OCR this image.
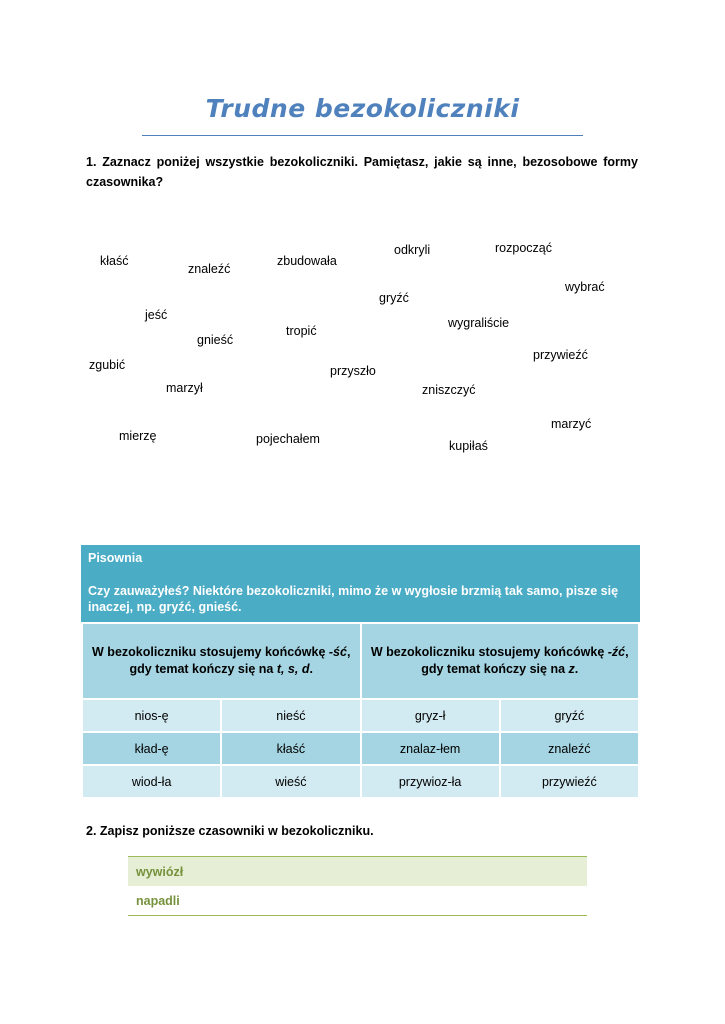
Trudne bezokoliczniki
1. Zaznacz poniżej wszystkie bezokoliczniki. Pamiętasz, jakie są inne, bezosobowe formy czasownika?
kłaść
znaleźć
zbudowała
odkryli	rozpocząć
wybrać
gryźć
jeść
tropić
wygraliście
gnieść
przywieźć
zgubić	przyszło
marzył	zniszczyć
marzyć
mierzę	pojechałem	kupiłaś
Pisownia
Czy zauważyłeś? Niektóre bezokoliczniki, mimo że w wygłosie brzmią tak samo, pisze się inaczej, np. gryźć, gnieść.
W bezokoliczniku stosujemy końcówkę -ść, gdy temat kończy się na t, s, d.		W bezokoliczniku stosujemy końcówkę -źć, gdy temat kończy się na z.	
nios-ę	nieść	gryz-ł	gryźć
kład-ę	kłaść	znalaz-łem	znaleźć
wiod-ła	wieść	przywioz-ła	przywieźć
2. Zapisz poniższe czasowniki w bezokoliczniku.
wywiózł
napadli
